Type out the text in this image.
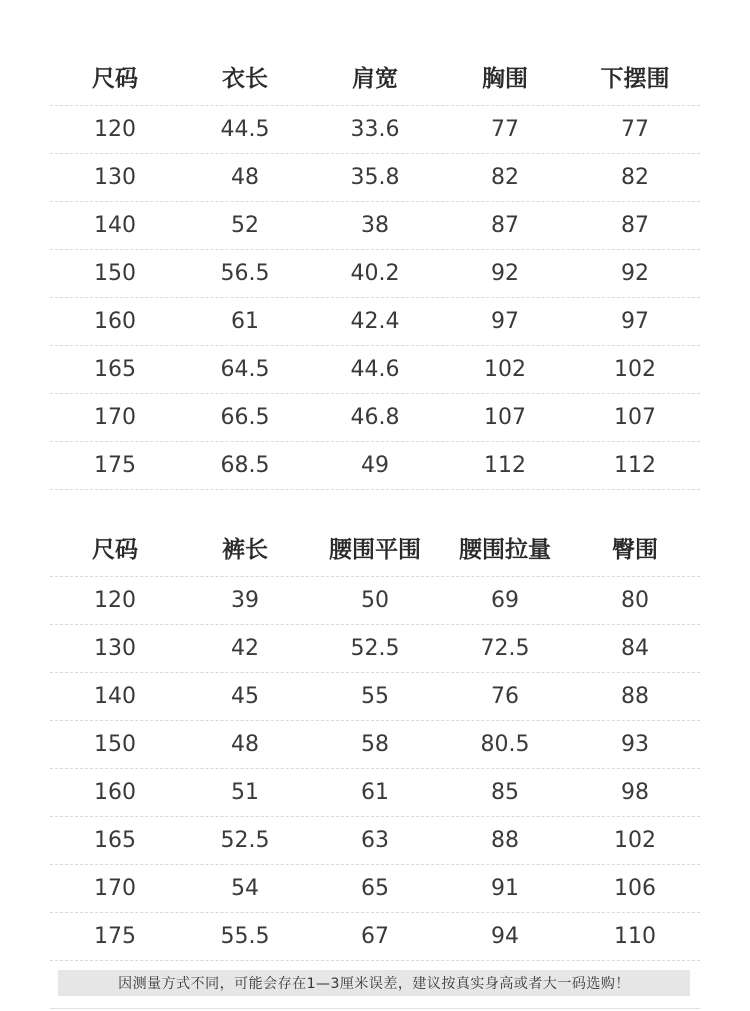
尺码	衣长	肩宽	胸围	下摆围
120	44.5	33.6	77	77
130	48	35.8	82	82
140	52	38	87	87
150	56.5	40.2	92	92
160	61	42.4	97	97
165	64.5	44.6	102	102
170	66.5	46.8	107	107
175	68.5	49	112	112
尺码	裤长	腰围平围	腰围拉量	臀围
120	39	50	69	80
130	42	52.5	72.5	84
140	45	55	76	88
150	48	58	80.5	93
160	51	61	85	98
165	52.5	63	88	102
170	54	65	91	106
175	55.5	67	94	110
因测量方式不同，可能会存在1—3厘米误差，建议按真实身高或者大一码选购！
